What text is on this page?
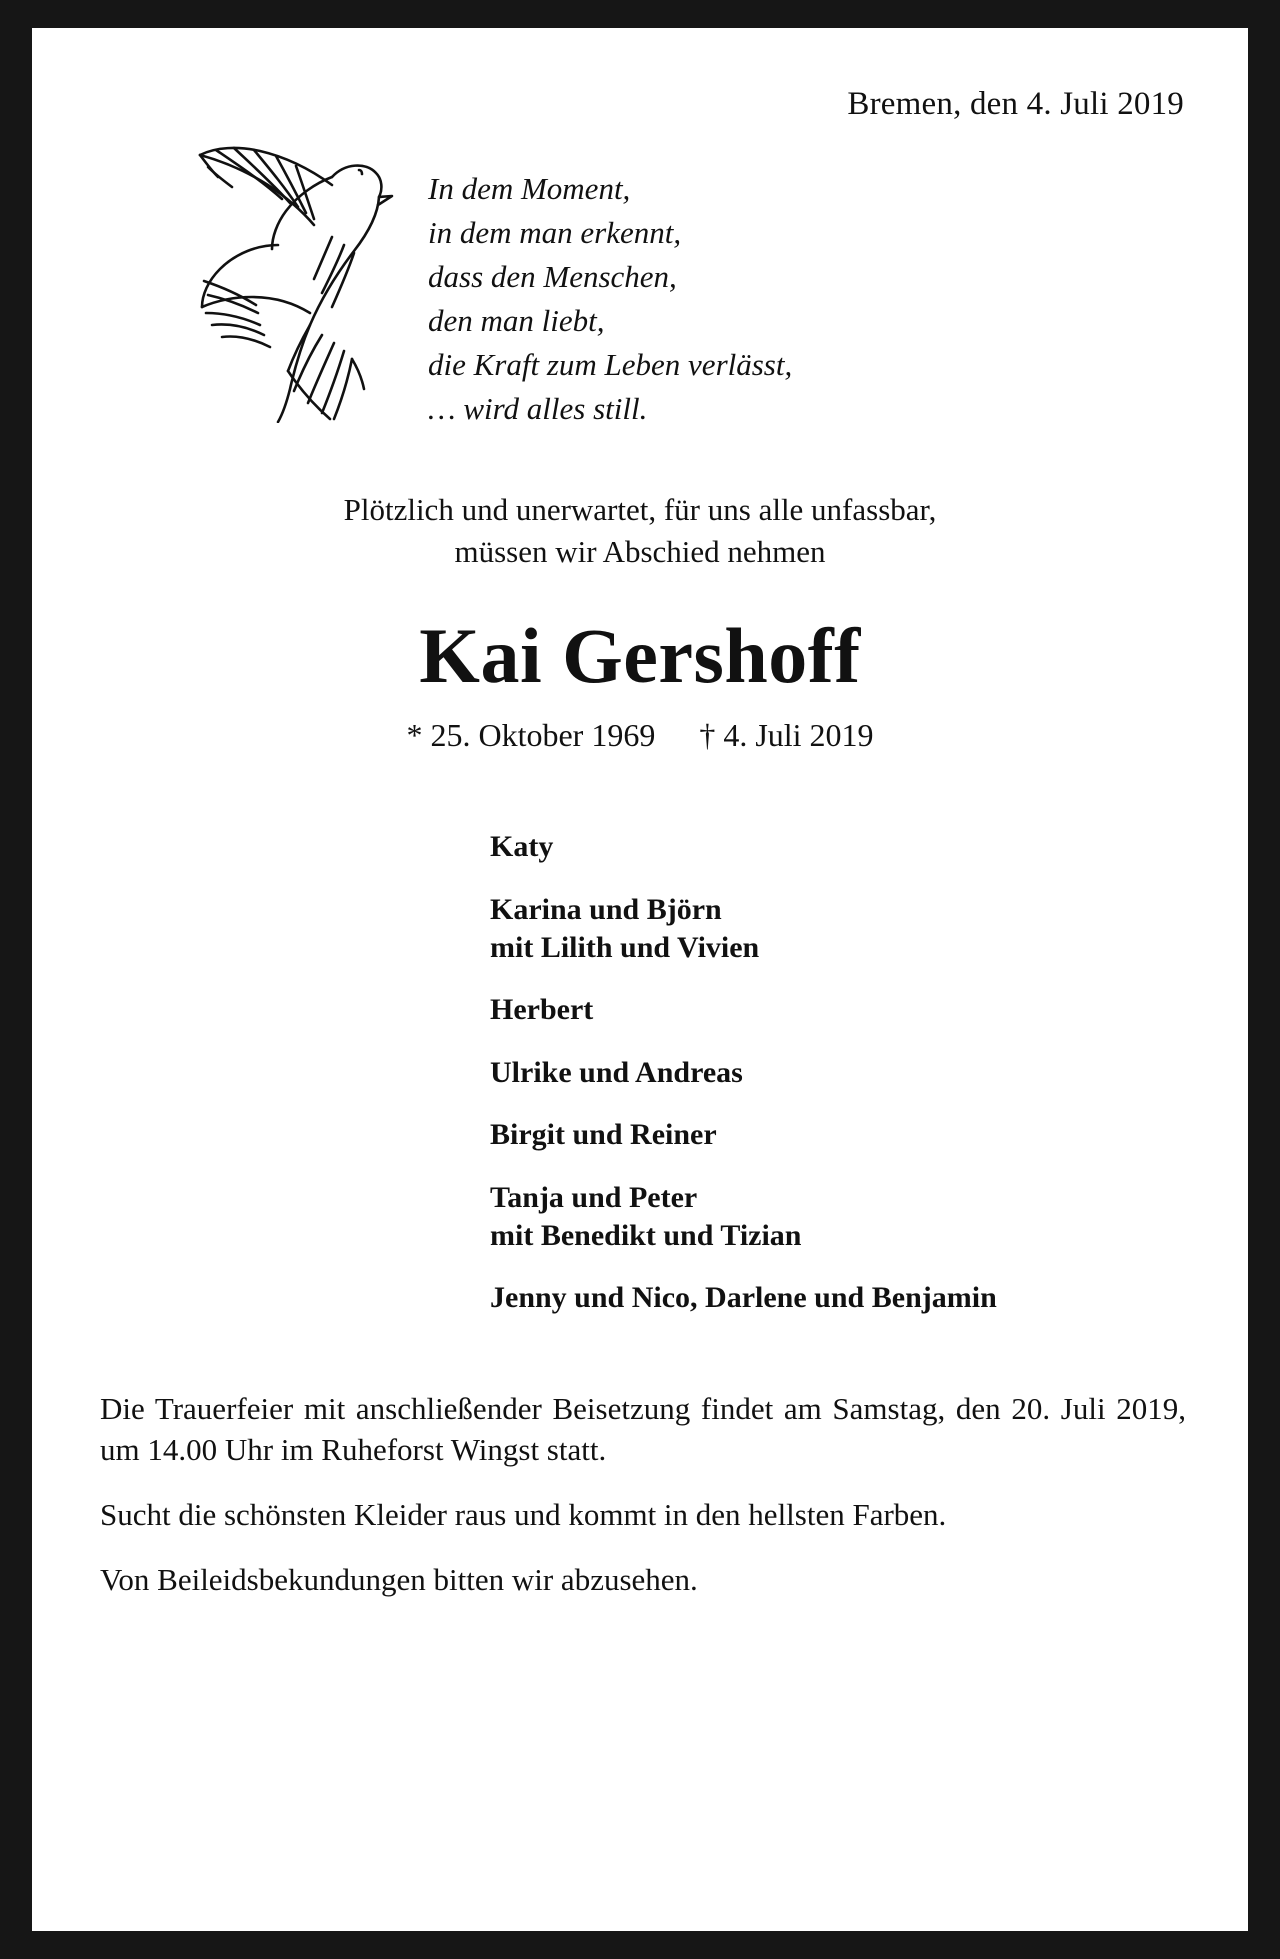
Bremen, den 4. Juli 2019
In dem Moment,
in dem man erkennt,
dass den Menschen,
den man liebt,
die Kraft zum Leben verlässt,
… wird alles still.
Plötzlich und unerwartet, für uns alle unfassbar,
müssen wir Abschied nehmen
Kai Gershoff
* 25. Oktober 1969 † 4. Juli 2019
Katy
Karina und Björn
mit Lilith und Vivien
Herbert
Ulrike und Andreas
Birgit und Reiner
Tanja und Peter
mit Benedikt und Tizian
Jenny und Nico, Darlene und Benjamin

Die Trauerfeier mit anschließender Beisetzung findet am Samstag, den 20. Juli 2019, um 14.00 Uhr im Ruheforst Wingst statt.

Sucht die schönsten Kleider raus und kommt in den hellsten Farben.

Von Beileidsbekundungen bitten wir abzusehen.
